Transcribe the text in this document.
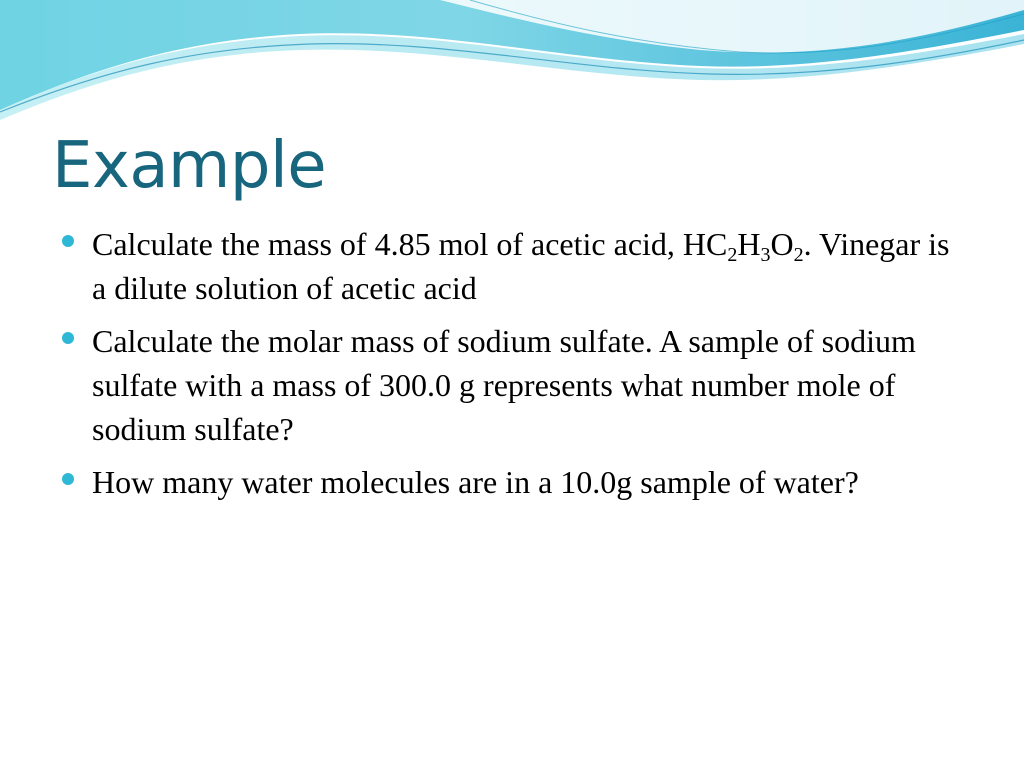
Example
Calculate the mass of 4.85 mol of acetic acid, $HC_2H_3O_2$. Vinegar is a dilute solution of acetic acid
Calculate the molar mass of sodium sulfate. A sample of sodium sulfate with a mass of 300.0 g represents what number mole of sodium sulfate?
How many water molecules are in a 10.0g sample of water?
